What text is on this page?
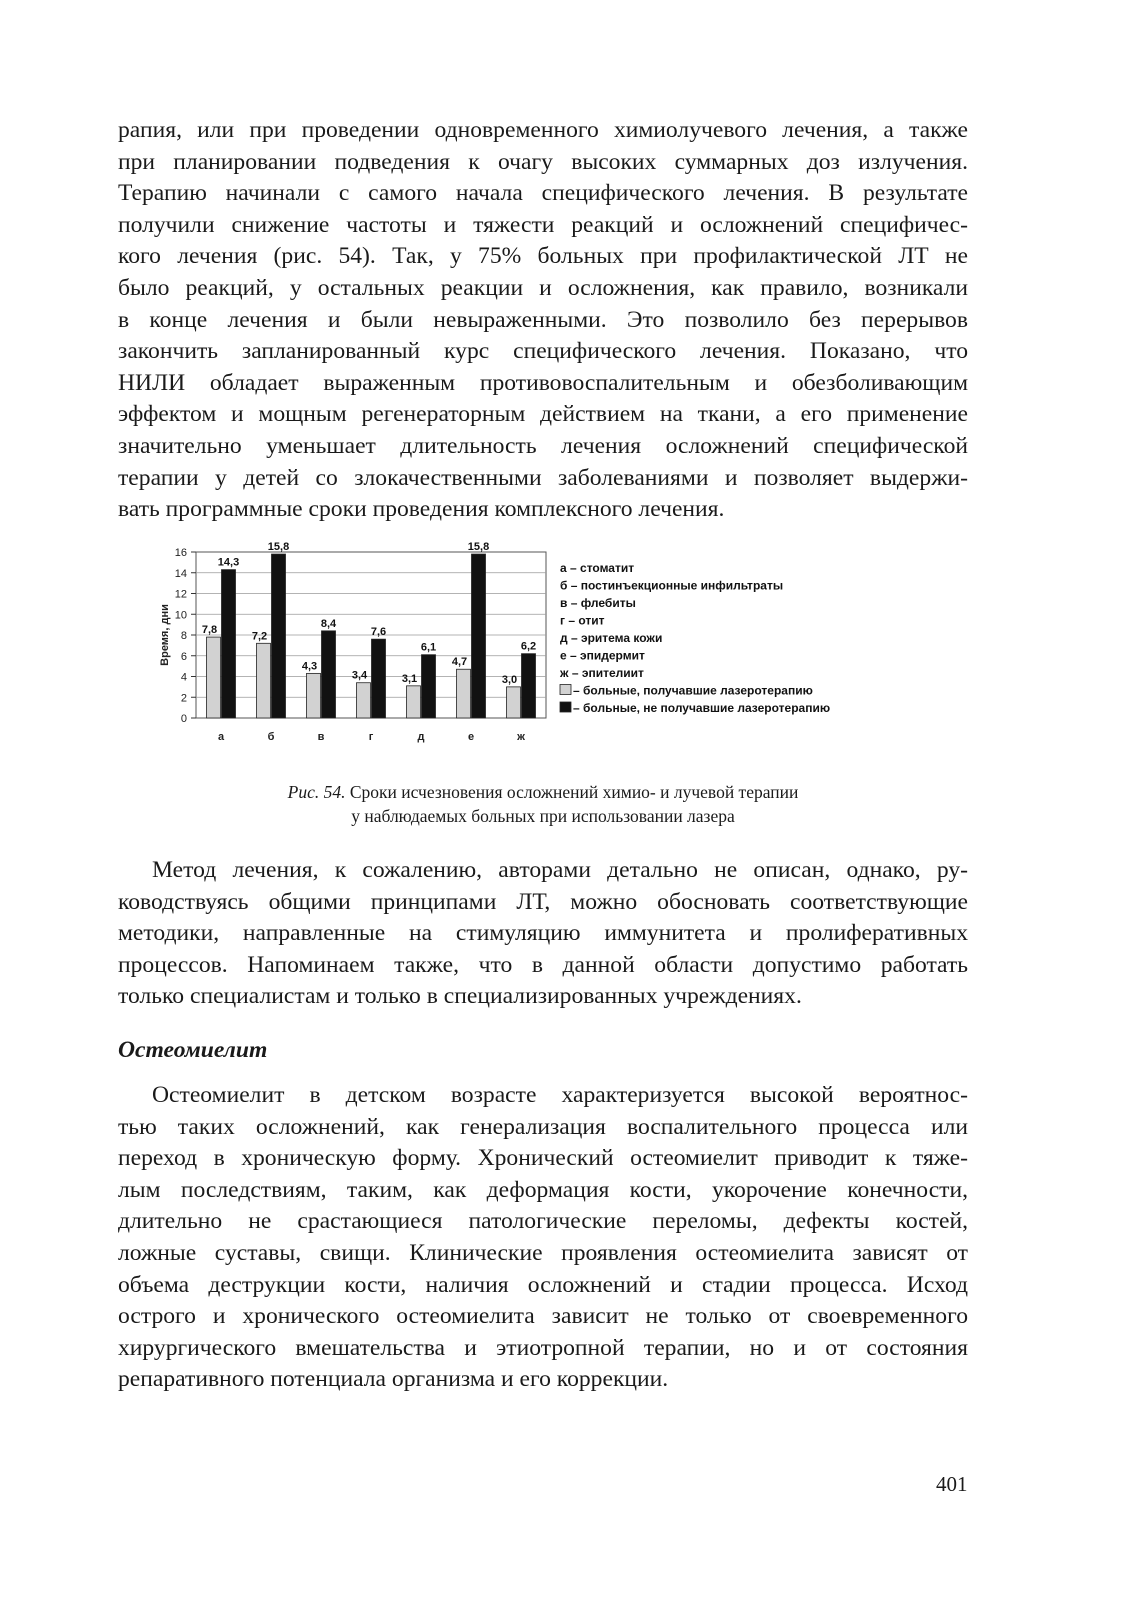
рапия, или при проведении одновременного химиолучевого лечения, а также
при планировании подведения к очагу высоких суммарных доз излучения.
Терапию начинали с самого начала специфического лечения. В результате
получили снижение частоты и тяжести реакций и осложнений специфичес-
кого лечения (рис. 54). Так, у 75% больных при профилактической ЛТ не
было реакций, у остальных реакции и осложнения, как правило, возникали
в конце лечения и были невыраженными. Это позволило без перерывов
закончить запланированный курс специфического лечения. Показано, что
НИЛИ обладает выраженным противовоспалительным и обезболивающим
эффектом и мощным регенераторным действием на ткани, а его применение
значительно уменьшает длительность лечения осложнений специфической
терапии у детей со злокачественными заболеваниями и позволяет выдержи-
вать программные сроки проведения комплексного лечения.

0
2
4
6
8
10
12
14
16
Время, дни	7,8
14,3
а
7,2
15,8
б
4,3
8,4
в
3,4
7,6
г
3,1
6,1
д
4,7
15,8
е
3,0
6,2
ж
а – стоматит
б – постинъекционные инфильтраты
в – флебиты
г – отит
д – эритема кожи
е – эпидермит
ж – эпителиит
– больные, получавшие лазеротерапию
– больные, не получавшие лазеротерапию
Рис. 54. Сроки исчезновения осложнений химио- и лучевой терапии
у наблюдаемых больных при использовании лазера

Метод лечения, к сожалению, авторами детально не описан, однако, ру-
ководствуясь общими принципами ЛТ, можно обосновать соответствующие
методики, направленные на стимуляцию иммунитета и пролиферативных
процессов. Напоминаем также, что в данной области допустимо работать
только специалистам и только в специализированных учреждениях.

Остеомиелит

Остеомиелит в детском возрасте характеризуется высокой вероятнос-
тью таких осложнений, как генерализация воспалительного процесса или
переход в хроническую форму. Хронический остеомиелит приводит к тяже-
лым последствиям, таким, как деформация кости, укорочение конечности,
длительно не срастающиеся патологические переломы, дефекты костей,
ложные суставы, свищи. Клинические проявления остеомиелита зависят от
объема деструкции кости, наличия осложнений и стадии процесса. Исход
острого и хронического остеомиелита зависит не только от своевременного
хирургического вмешательства и этиотропной терапии, но и от состояния
репаративного потенциала организма и его коррекции.

401
